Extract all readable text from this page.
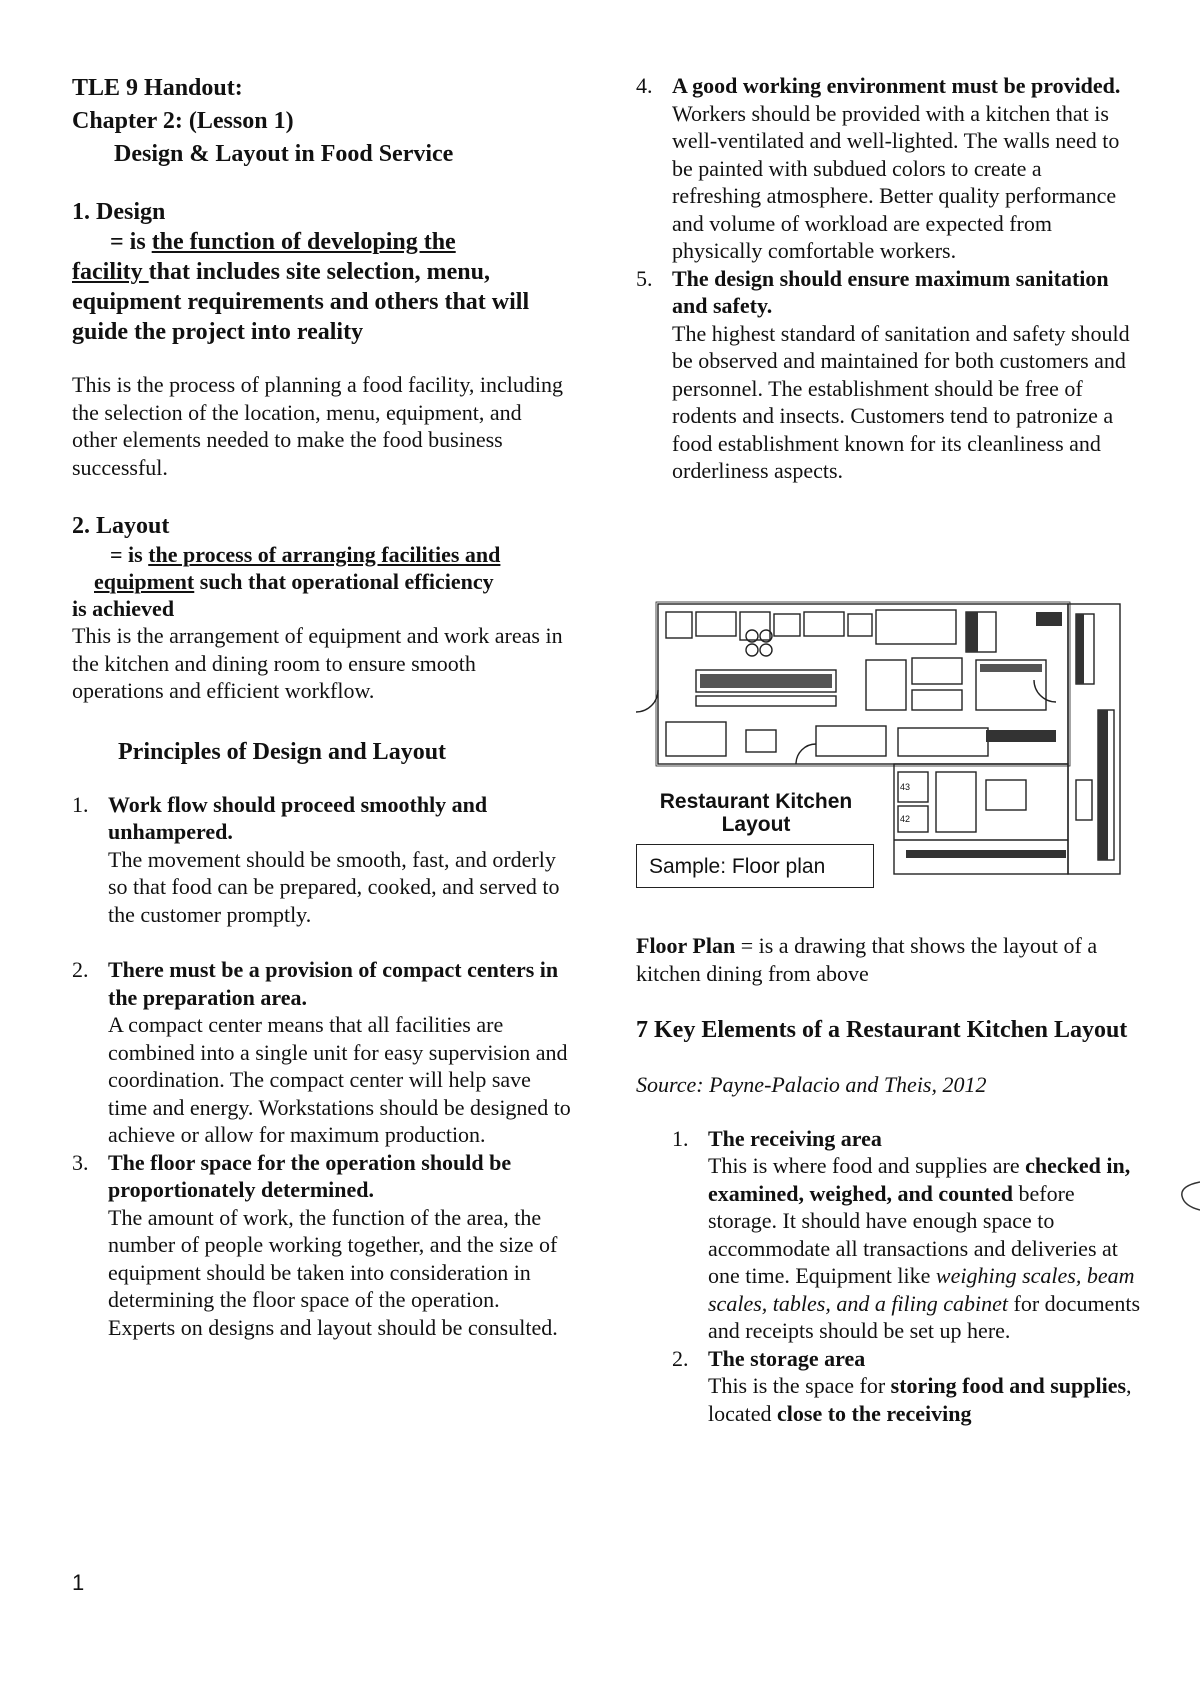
TLE 9 Handout:
Chapter 2: (Lesson 1)
Design & Layout in Food Service
1. Design
= is the function of developing the
facility that includes site selection, menu, equipment requirements and others that will guide the project into reality
This is the process of planning a food facility, including the selection of the location, menu, equipment, and other elements needed to make the food business successful.
2. Layout
= is the process of arranging facilities and
equipment such that operational efficiency
is achieved
This is the arrangement of equipment and work areas in the kitchen and dining room to ensure smooth operations and efficient workflow.
Principles of Design and Layout
1. Work flow should proceed smoothly and unhampered.
The movement should be smooth, fast, and orderly so that food can be prepared, cooked, and served to the customer promptly.
2. There must be a provision of compact centers in the preparation area.
A compact center means that all facilities are combined into a single unit for easy supervision and coordination. The compact center will help save time and energy. Workstations should be designed to achieve or allow for maximum production.
3. The floor space for the operation should be proportionately determined.
The amount of work, the function of the area, the number of people working together, and the size of equipment should be taken into consideration in determining the floor space of the operation. Experts on designs and layout should be consulted.
4. A good working environment must be provided.
Workers should be provided with a kitchen that is well-ventilated and well-lighted. The walls need to be painted with subdued colors to create a refreshing atmosphere. Better quality performance and volume of workload are expected from physically comfortable workers.
5. The design should ensure maximum sanitation and safety.
The highest standard of sanitation and safety should be observed and maintained for both customers and personnel. The establishment should be free of rodents and insects. Customers tend to patronize a food establishment known for its cleanliness and orderliness aspects.
43
42
Restaurant Kitchen
Layout
Sample: Floor plan
Floor Plan = is a drawing that shows the layout of a kitchen dining from above
7 Key Elements of a Restaurant Kitchen Layout
Source: Payne-Palacio and Theis, 2012
1. The receiving area
This is where food and supplies are checked in, examined, weighed, and counted before storage. It should have enough space to accommodate all transactions and deliveries at one time. Equipment like weighing scales, beam scales, tables, and a filing cabinet for documents and receipts should be set up here.
2. The storage area
This is the space for storing food and supplies, located close to the receiving
1
